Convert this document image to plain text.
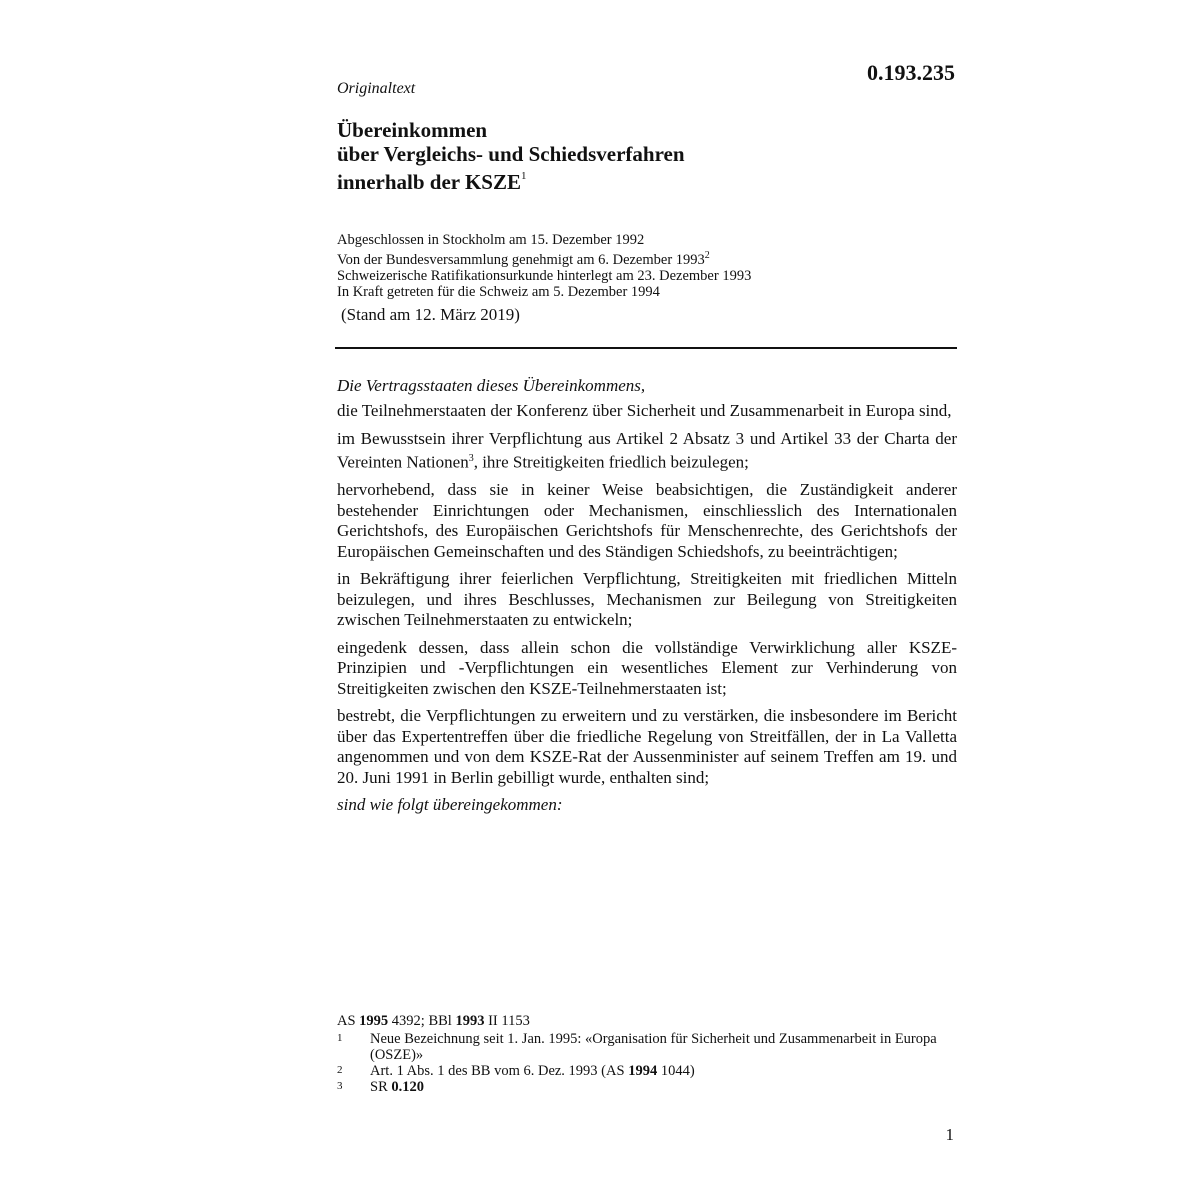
0.193.235
Originaltext
Übereinkommen
über Vergleichs- und Schiedsverfahren
innerhalb der KSZE$^1$
Abgeschlossen in Stockholm am 15. Dezember 1992
Von der Bundesversammlung genehmigt am 6. Dezember 1993$^2$
Schweizerische Ratifikationsurkunde hinterlegt am 23. Dezember 1993
In Kraft getreten für die Schweiz am 5. Dezember 1994
(Stand am 12. März 2019)

Die Vertragsstaaten dieses Übereinkommens,

die Teilnehmerstaaten der Konferenz über Sicherheit und Zusammenarbeit in Europa sind,

im Bewusstsein ihrer Verpflichtung aus Artikel 2 Absatz 3 und Artikel 33 der Charta der Vereinten Nationen$^3$, ihre Streitigkeiten friedlich beizulegen;

hervorhebend, dass sie in keiner Weise beabsichtigen, die Zuständigkeit anderer bestehender Einrichtungen oder Mechanismen, einschliesslich des Internationalen Gerichtshofs, des Europäischen Gerichtshofs für Menschenrechte, des Gerichtshofs der Europäischen Gemeinschaften und des Ständigen Schiedshofs, zu beeinträchtigen;

in Bekräftigung ihrer feierlichen Verpflichtung, Streitigkeiten mit friedlichen Mitteln beizulegen, und ihres Beschlusses, Mechanismen zur Beilegung von Streitigkeiten zwischen Teilnehmerstaaten zu entwickeln;

eingedenk dessen, dass allein schon die vollständige Verwirklichung aller KSZE-Prinzipien und -Verpflichtungen ein wesentliches Element zur Verhinderung von Streitigkeiten zwischen den KSZE-Teilnehmerstaaten ist;

bestrebt, die Verpflichtungen zu erweitern und zu verstärken, die insbesondere im Bericht über das Expertentreffen über die friedliche Regelung von Streitfällen, der in La Valletta angenommen und von dem KSZE-Rat der Aussenminister auf seinem Treffen am 19. und 20. Juni 1991 in Berlin gebilligt wurde, enthalten sind;

sind wie folgt übereingekommen:

AS 1995 4392; BBl 1993 II 1153
1	Neue Bezeichnung seit 1. Jan. 1995: «Organisation für Sicherheit und Zusammenarbeit in Europa (OSZE)»
2	Art. 1 Abs. 1 des BB vom 6. Dez. 1993 (AS 1994 1044)
3	SR 0.120
1
